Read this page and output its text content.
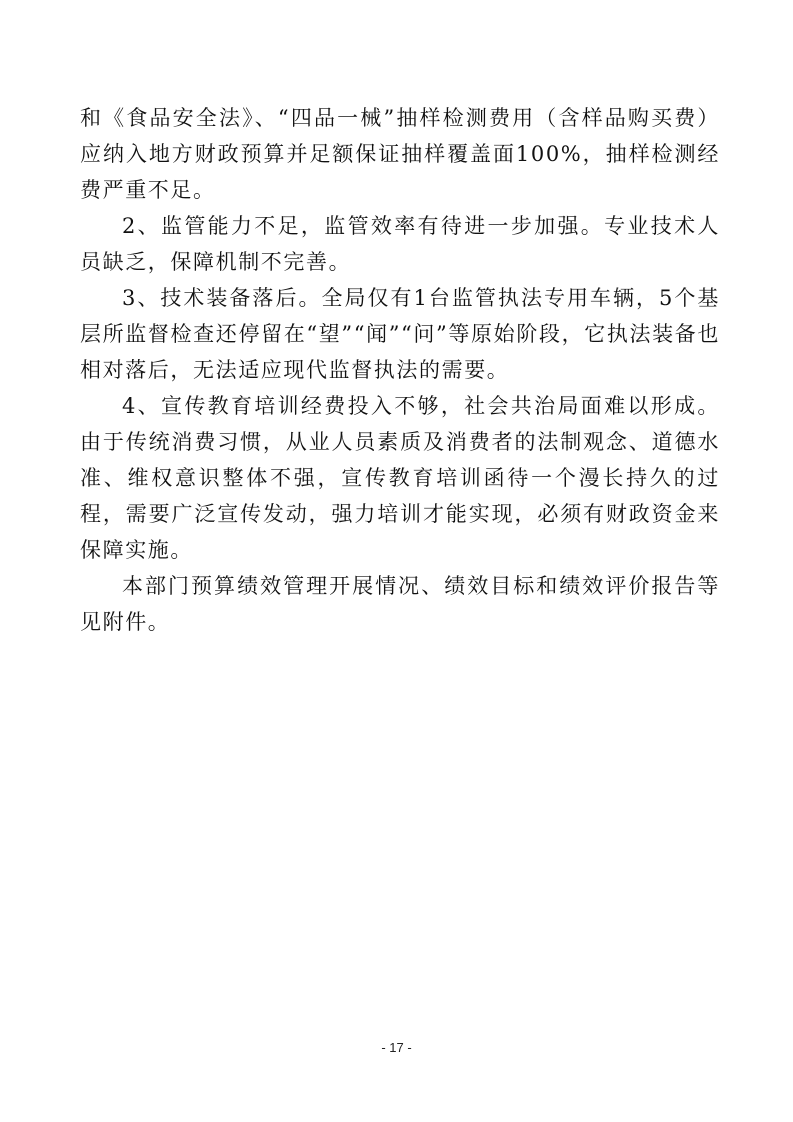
和《食品安全法》、“四品一械”抽样检测费用（含样品购买费）应纳入地方财政预算并足额保证抽样覆盖面100%，抽样检测经费严重不足。

2、监管能力不足，监管效率有待进一步加强。专业技术人员缺乏，保障机制不完善。

3、技术装备落后。全局仅有1台监管执法专用车辆，5个基层所监督检查还停留在“望”“闻”“问”等原始阶段，它执法装备也相对落后，无法适应现代监督执法的需要。

4、宣传教育培训经费投入不够，社会共治局面难以形成。由于传统消费习惯，从业人员素质及消费者的法制观念、道德水准、维权意识整体不强，宣传教育培训函待一个漫长持久的过程，需要广泛宣传发动，强力培训才能实现，必须有财政资金来保障实施。

本部门预算绩效管理开展情况、绩效目标和绩效评价报告等见附件。

- 17 -
